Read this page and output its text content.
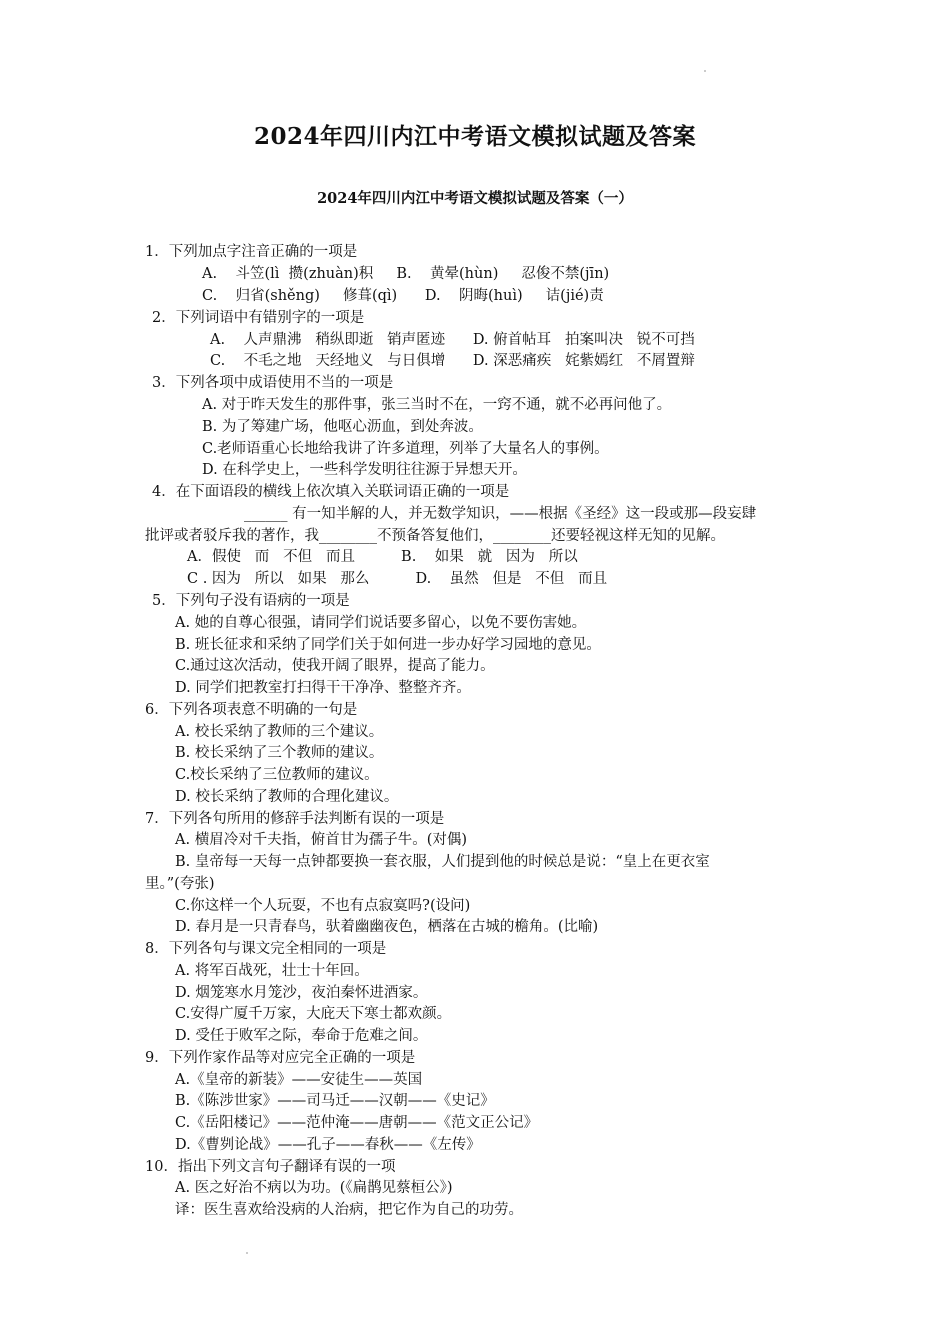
2024年四川内江中考语文模拟试题及答案
2024年四川内江中考语文模拟试题及答案（一）
1．下列加点字注音正确的一项是
A.    斗笠(lì  攒(zhuàn)积     B.    黄晕(hùn)     忍俊不禁(jīn)
C.    归省(shěng)     修葺(qì)      D.    阴晦(huì)     诘(jié)责
2．下列词语中有错别字的一项是
A.    人声鼎沸   稍纵即逝   销声匿迹      D. 俯首帖耳   拍案叫决   锐不可挡
C.    不毛之地   天经地义   与日俱增      D. 深恶痛疾   姹紫嫣红   不屑置辩
3．下列各项中成语使用不当的一项是
A. 对于昨天发生的那件事，张三当时不在，一窍不通，就不必再问他了。
B. 为了筹建广场，他呕心沥血，到处奔波。
C.老师语重心长地给我讲了许多道理，列举了大量名人的事例。
D. 在科学史上，一些科学发明往往源于异想天开。
4．在下面语段的横线上依次填入关联词语正确的一项是
______ 有一知半解的人，并无数学知识，——根据《圣经》这一段或那—段妄肆
批评或者驳斥我的著作，我________不预备答复他们，________还要轻视这样无知的见解。
A．假使   而   不但   而且          B.    如果   就   因为   所以
C . 因为   所以   如果   那么          D.    虽然   但是   不但   而且
5．下列句子没有语病的一项是
A. 她的自尊心很强，请同学们说话要多留心，以免不要伤害她。
B. 班长征求和采纳了同学们关于如何进一步办好学习园地的意见。
C.通过这次活动，使我开阔了眼界，提高了能力。
D. 同学们把教室打扫得干干净净、整整齐齐。
6．下列各项表意不明确的一句是
A. 校长采纳了教师的三个建议。
B. 校长采纳了三个教师的建议。
C.校长采纳了三位教师的建议。
D. 校长采纳了教师的合理化建议。
7．下列各句所用的修辞手法判断有误的一项是
A. 横眉冷对千夫指，俯首甘为孺子牛。(对偶)
B. 皇帝每一天每一点钟都要换一套衣服，人们提到他的时候总是说：“皇上在更衣室
里。”(夸张)
C.你这样一个人玩耍，不也有点寂寞吗?(设问)
D. 春月是一只青春鸟，驮着幽幽夜色，栖落在古城的檐角。(比喻)
8．下列各句与课文完全相同的一项是
A. 将军百战死，壮士十年回。
D. 烟笼寒水月笼沙，夜泊秦怀进酒家。
C.安得广厦千万家，大庇天下寒士都欢颜。
D. 受任于败军之际，奉命于危难之间。
9．下列作家作品等对应完全正确的一项是
A.《皇帝的新装》——安徒生——英国
B.《陈涉世家》——司马迁——汉朝——《史记》
C.《岳阳楼记》——范仲淹——唐朝——《范文正公记》
D.《曹刿论战》——孔子——春秋——《左传》
10．指出下列文言句子翻译有误的一项
A. 医之好治不病以为功。(《扁鹊见蔡桓公》)
译：医生喜欢给没病的人治病，把它作为自己的功劳。
